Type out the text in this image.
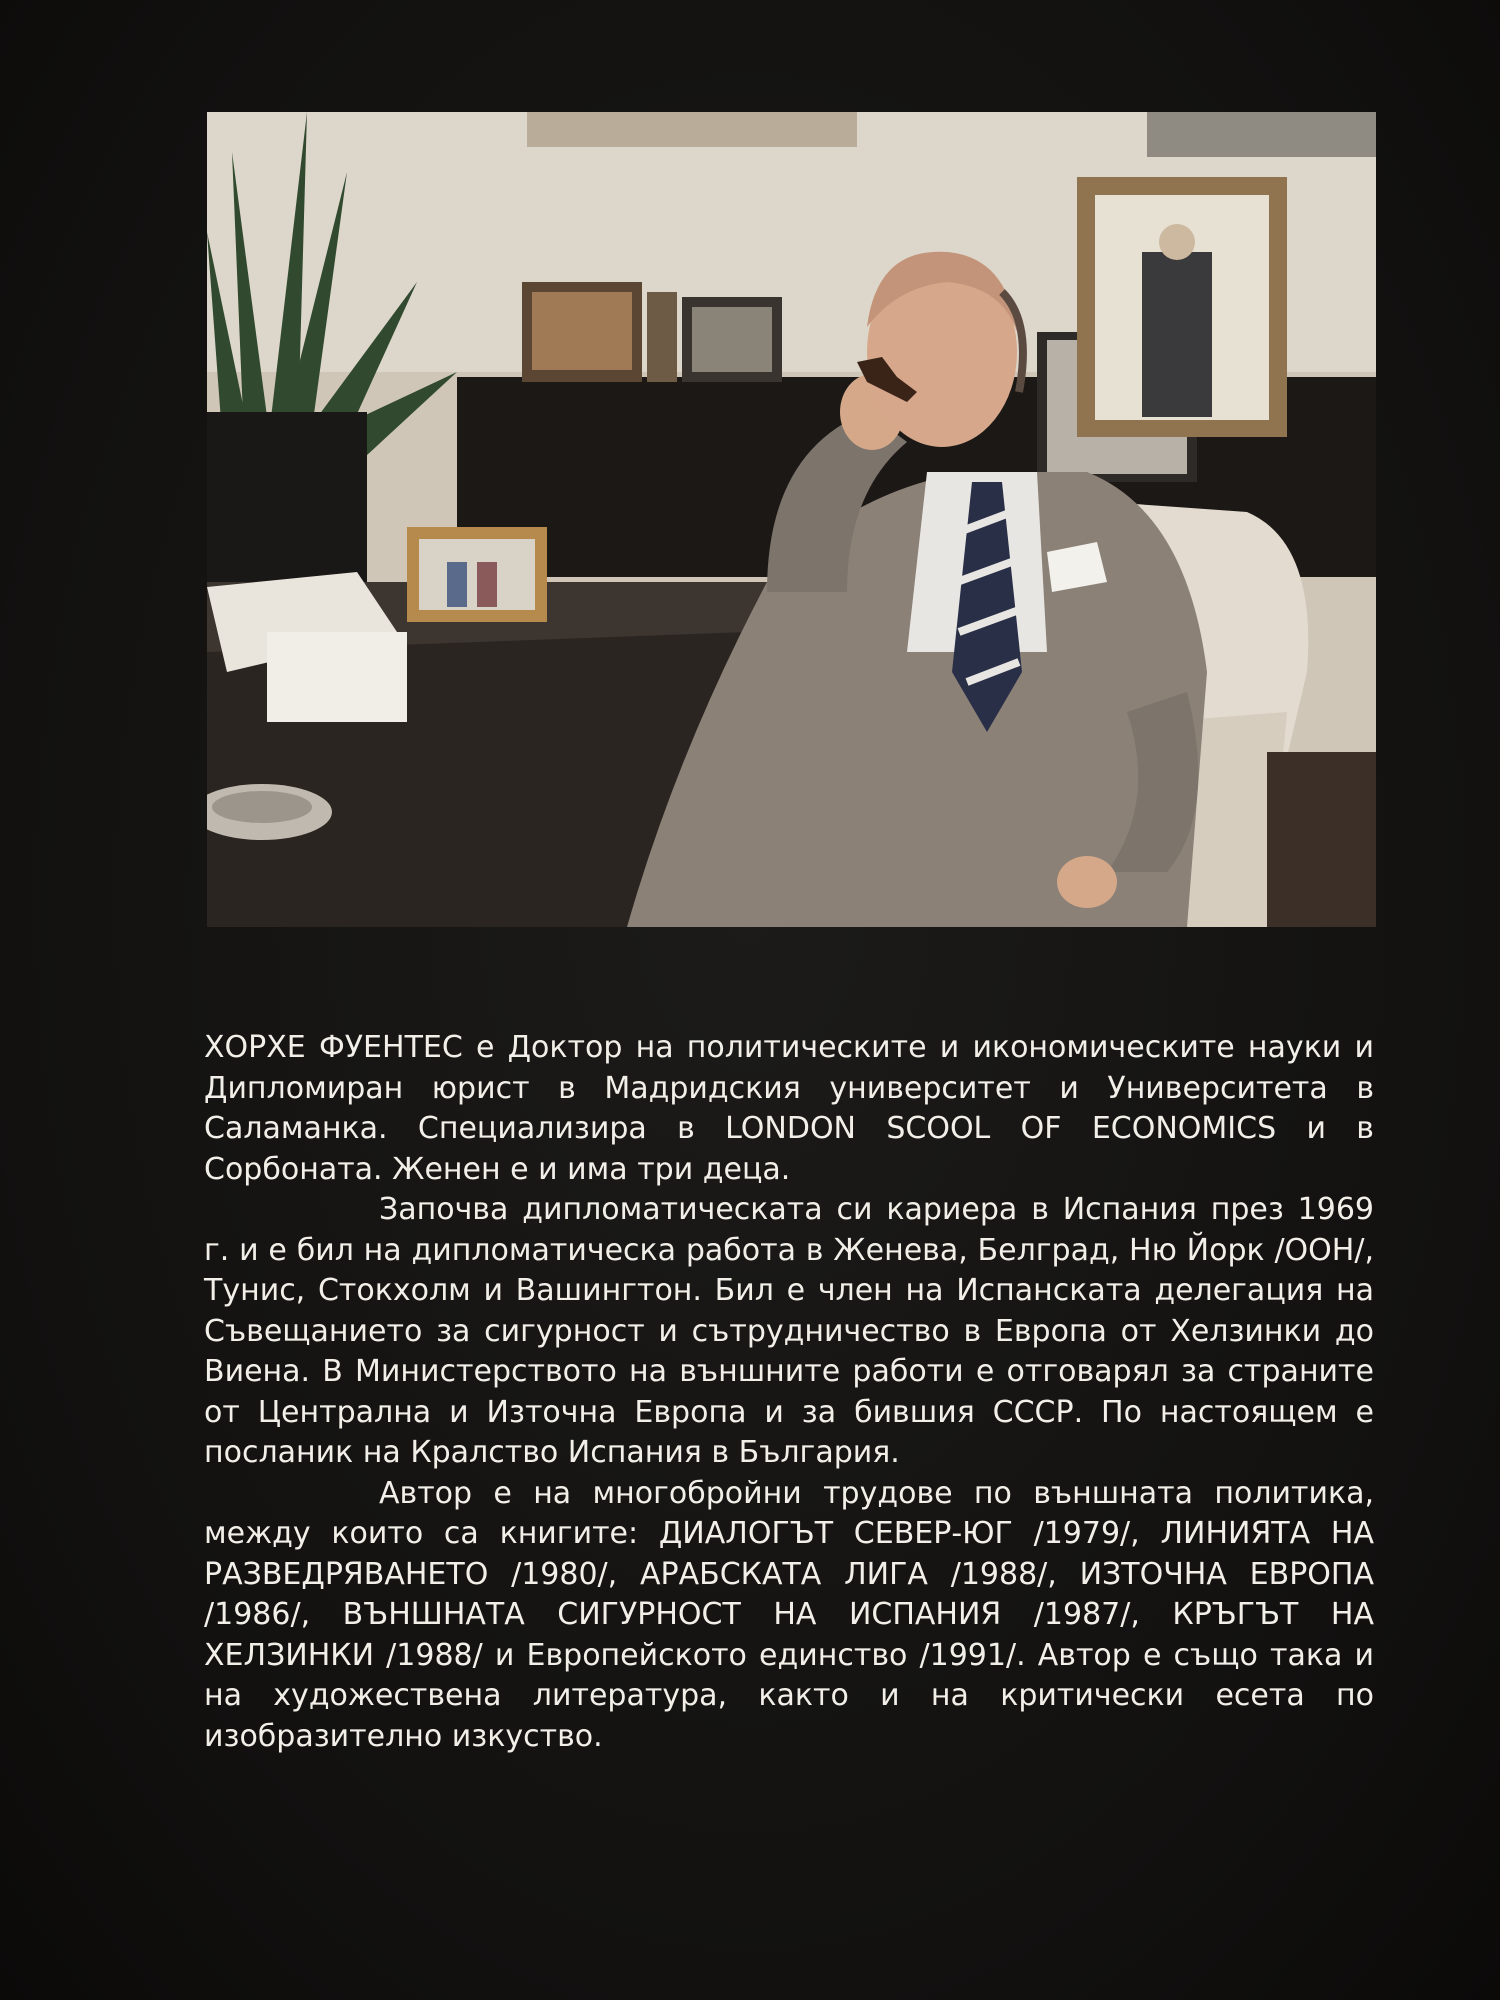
ХОРХЕ ФУЕНТЕС е Доктор на политическите и икономическите науки и Дипломиран юрист в Мадридския университет и Университета в Саламанка. Специализира в LONDON SCOOL OF ECONOMICS и в Сорбоната. Женен е и има три деца.

Започва дипломатическата си кариера в Испания през 1969 г. и е бил на дипломатическа работа в Женева, Белград, Ню Йорк /ООН/, Тунис, Стокхолм и Вашингтон. Бил е член на Испанската делегация на Съвещанието за сигурност и сътрудничество в Европа от Хелзинки до Виена. В Министерството на външните работи е отговарял за страните от Централна и Източна Европа и за бившия СССР. По настоящем е посланик на Кралство Испания в България.

Автор е на многобройни трудове по външната политика, между които са книгите: ДИАЛОГЪТ СЕВЕР-ЮГ /1979/, ЛИНИЯТА НА РАЗВЕДРЯВАНЕТО /1980/, АРАБСКАТА ЛИГА /1988/, ИЗТОЧНА ЕВРОПА /1986/, ВЪНШНАТА СИГУРНОСТ НА ИСПАНИЯ /1987/, КРЪГЪТ НА ХЕЛЗИНКИ /1988/ и Европейското единство /1991/. Автор е също така и на художествена литература, както и на критически есета по изобразително изкуство.
